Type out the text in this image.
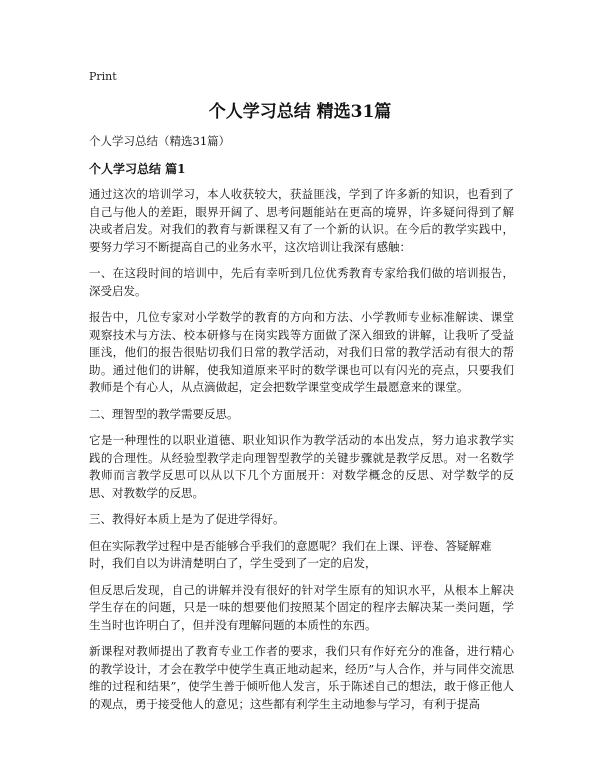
Print
个人学习总结 精选31篇
个人学习总结（精选31篇）
个人学习总结 篇1

通过这次的培训学习，本人收获较大，获益匪浅，学到了许多新的知识，也看到了自己与他人的差距，眼界开阔了、思考问题能站在更高的境界，许多疑问得到了解决或者启发。对我们的教育与新课程又有了一个新的认识。在今后的教学实践中，要努力学习不断提高自己的业务水平，这次培训让我深有感触：

一、在这段时间的培训中，先后有幸听到几位优秀教育专家给我们做的培训报告，深受启发。

报告中，几位专家对小学数学的教育的方向和方法、小学教师专业标准解读、课堂观察技术与方法、校本研修与在岗实践等方面做了深入细致的讲解，让我听了受益匪浅，他们的报告很贴切我们日常的教学活动，对我们日常的教学活动有很大的帮助。通过他们的讲解，使我知道原来平时的数学课也可以有闪光的亮点，只要我们教师是个有心人，从点滴做起，定会把数学课堂变成学生最愿意来的课堂。

二、理智型的教学需要反思。

它是一种理性的以职业道德、职业知识作为教学活动的本出发点，努力追求教学实践的合理性。从经验型教学走向理智型教学的关键步骤就是教学反思。对一名数学教师而言教学反思可以从以下几个方面展开：对数学概念的反思、对学数学的反思、对教数学的反思。

三、教得好本质上是为了促进学得好。

但在实际教学过程中是否能够合乎我们的意愿呢？我们在上课、评卷、答疑解难时，我们自以为讲清楚明白了，学生受到了一定的启发，

但反思后发现，自己的讲解并没有很好的针对学生原有的知识水平，从根本上解决学生存在的问题，只是一味的想要他们按照某个固定的程序去解决某一类问题，学生当时也许明白了，但并没有理解问题的本质性的东西。

新课程对教师提出了教育专业工作者的要求，我们只有作好充分的准备，进行精心的教学设计，才会在教学中使学生真正地动起来，经历”与人合作，并与同伴交流思维的过程和结果”，使学生善于倾听他人发言，乐于陈述自己的想法，敢于修正他人的观点，勇于接受他人的意见；这些都有利学生主动地参与学习，有利于提高
